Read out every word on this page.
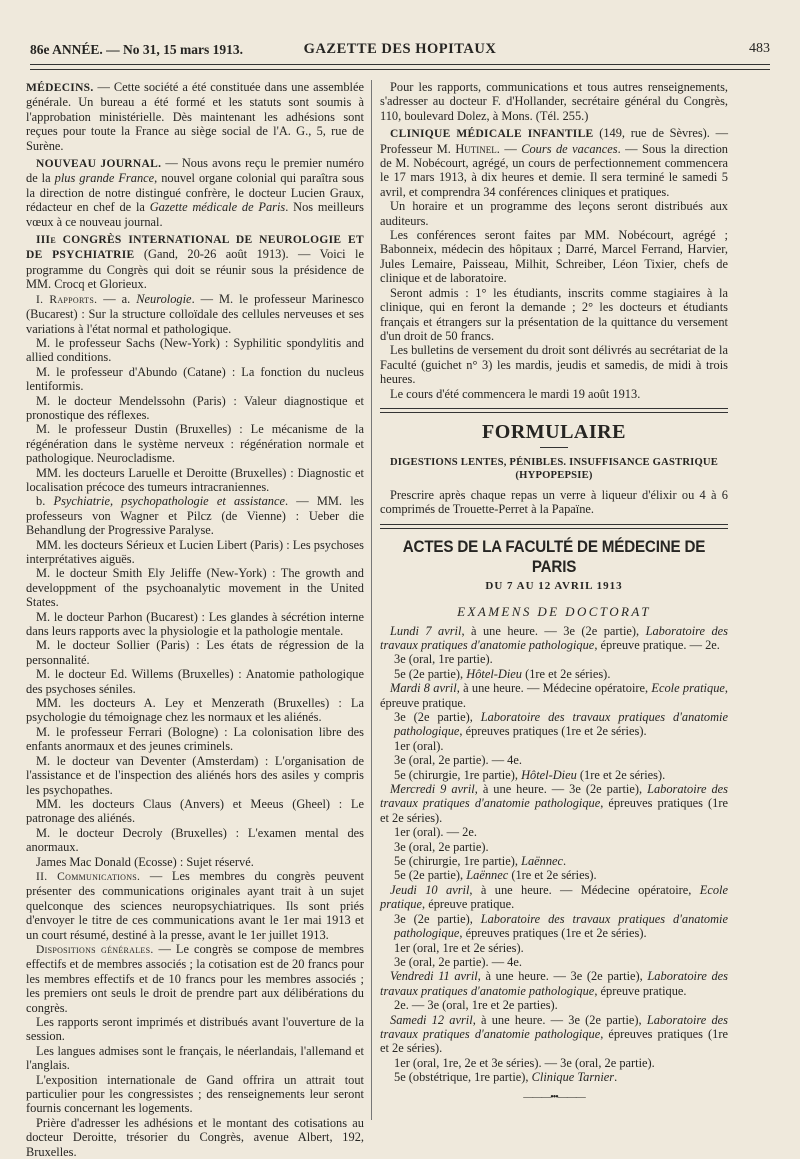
86e ANNÉE. — No 31, 15 mars 1913.	GAZETTE DES HOPITAUX	483

MÉDECINS. — Cette société a été constituée dans une assemblée générale. Un bureau a été formé et les statuts sont soumis à l'approbation ministérielle. Dès maintenant les adhésions sont reçues pour toute la France au siège social de l'A. G., 5, rue de Surène.

NOUVEAU JOURNAL. — Nous avons reçu le premier numéro de la plus grande France, nouvel organe colonial qui paraîtra sous la direction de notre distingué confrère, le docteur Lucien Graux, rédacteur en chef de la Gazette médicale de Paris. Nos meilleurs vœux à ce nouveau journal.

IIIe CONGRÈS INTERNATIONAL DE NEUROLOGIE ET DE PSYCHIATRIE (Gand, 20-26 août 1913). — Voici le programme du Congrès qui doit se réunir sous la présidence de MM. Crocq et Glorieux.

I. Rapports. — a. Neurologie. — M. le professeur Marinesco (Bucarest) : Sur la structure colloïdale des cellules nerveuses et ses variations à l'état normal et pathologique.

M. le professeur Sachs (New-York) : Syphilitic spondylitis and allied conditions.

M. le professeur d'Abundo (Catane) : La fonction du nucleus lentiformis.

M. le docteur Mendelssohn (Paris) : Valeur diagnostique et pronostique des réflexes.

M. le professeur Dustin (Bruxelles) : Le mécanisme de la régénération dans le système nerveux : régénération normale et pathologique. Neurocladisme.

MM. les docteurs Laruelle et Deroitte (Bruxelles) : Diagnostic et localisation précoce des tumeurs intracraniennes.

b. Psychiatrie, psychopathologie et assistance. — MM. les professeurs von Wagner et Pilcz (de Vienne) : Ueber die Behandlung der Progressive Paralyse.

MM. les docteurs Sérieux et Lucien Libert (Paris) : Les psychoses interprétatives aiguës.

M. le docteur Smith Ely Jeliffe (New-York) : The growth and developpment of the psychoanalytic movement in the United States.

M. le docteur Parhon (Bucarest) : Les glandes à sécrétion interne dans leurs rapports avec la physiologie et la pathologie mentale.

M. le docteur Sollier (Paris) : Les états de régression de la personnalité.

M. le docteur Ed. Willems (Bruxelles) : Anatomie pathologique des psychoses séniles.

MM. les docteurs A. Ley et Menzerath (Bruxelles) : La psychologie du témoignage chez les normaux et les aliénés.

M. le professeur Ferrari (Bologne) : La colonisation libre des enfants anormaux et des jeunes criminels.

M. le docteur van Deventer (Amsterdam) : L'organisation de l'assistance et de l'inspection des aliénés hors des asiles y compris les psychopathes.

MM. les docteurs Claus (Anvers) et Meeus (Gheel) : Le patronage des aliénés.

M. le docteur Decroly (Bruxelles) : L'examen mental des anormaux.

James Mac Donald (Ecosse) : Sujet réservé.

II. Communications. — Les membres du congrès peuvent présenter des communications originales ayant trait à un sujet quelconque des sciences neuropsychiatriques. Ils sont priés d'envoyer le titre de ces communications avant le 1er mai 1913 et un court résumé, destiné à la presse, avant le 1er juillet 1913.

Dispositions générales. — Le congrès se compose de membres effectifs et de membres associés ; la cotisation est de 20 francs pour les membres effectifs et de 10 francs pour les membres associés ; les premiers ont seuls le droit de prendre part aux délibérations du congrès.

Les rapports seront imprimés et distribués avant l'ouverture de la session.

Les langues admises sont le français, le néerlandais, l'allemand et l'anglais.

L'exposition internationale de Gand offrira un attrait tout particulier pour les congressistes ; des renseignements leur seront fournis concernant les logements.

Prière d'adresser les adhésions et le montant des cotisations au docteur Deroitte, trésorier du Congrès, avenue Albert, 192, Bruxelles.

Pour les rapports, communications et tous autres renseignements, s'adresser au docteur F. d'Hollander, secrétaire général du Congrès, 110, boulevard Dolez, à Mons. (Tél. 255.)

CLINIQUE MÉDICALE INFANTILE (149, rue de Sèvres). — Professeur M. Hutinel. — Cours de vacances. — Sous la direction de M. Nobécourt, agrégé, un cours de perfectionnement commencera le 17 mars 1913, à dix heures et demie. Il sera terminé le samedi 5 avril, et comprendra 34 conférences cliniques et pratiques.

Un horaire et un programme des leçons seront distribués aux auditeurs.

Les conférences seront faites par MM. Nobécourt, agrégé ; Babonneix, médecin des hôpitaux ; Darré, Marcel Ferrand, Harvier, Jules Lemaire, Paisseau, Milhit, Schreiber, Léon Tixier, chefs de clinique et de laboratoire.

Seront admis : 1° les étudiants, inscrits comme stagiaires à la clinique, qui en feront la demande ; 2° les docteurs et étudiants français et étrangers sur la présentation de la quittance du versement d'un droit de 50 francs.

Les bulletins de versement du droit sont délivrés au secrétariat de la Faculté (guichet n° 3) les mardis, jeudis et samedis, de midi à trois heures.

Le cours d'été commencera le mardi 19 août 1913.

FORMULAIRE
DIGESTIONS LENTES, PÉNIBLES. INSUFFISANCE GASTRIQUE (HYPOPEPSIE)

Prescrire après chaque repas un verre à liqueur d'élixir ou 4 à 6 comprimés de Trouette-Perret à la Papaïne.

ACTES DE LA FACULTÉ DE MÉDECINE DE PARIS
DU 7 AU 12 AVRIL 1913
EXAMENS DE DOCTORAT

Lundi 7 avril, à une heure. — 3e (2e partie), Laboratoire des travaux pratiques d'anatomie pathologique, épreuve pratique. — 2e.

3e (oral, 1re partie).

5e (2e partie), Hôtel-Dieu (1re et 2e séries).

Mardi 8 avril, à une heure. — Médecine opératoire, Ecole pratique, épreuve pratique.

3e (2e partie), Laboratoire des travaux pratiques d'anatomie pathologique, épreuves pratiques (1re et 2e séries).

1er (oral).

3e (oral, 2e partie). — 4e.

5e (chirurgie, 1re partie), Hôtel-Dieu (1re et 2e séries).

Mercredi 9 avril, à une heure. — 3e (2e partie), Laboratoire des travaux pratiques d'anatomie pathologique, épreuves pratiques (1re et 2e séries).

1er (oral). — 2e.

3e (oral, 2e partie).

5e (chirurgie, 1re partie), Laënnec.

5e (2e partie), Laënnec (1re et 2e séries).

Jeudi 10 avril, à une heure. — Médecine opératoire, Ecole pratique, épreuve pratique.

3e (2e partie), Laboratoire des travaux pratiques d'anatomie pathologique, épreuves pratiques (1re et 2e séries).

1er (oral, 1re et 2e séries).

3e (oral, 2e partie). — 4e.

Vendredi 11 avril, à une heure. — 3e (2e partie), Laboratoire des travaux pratiques d'anatomie pathologique, épreuve pratique.

2e. — 3e (oral, 1re et 2e parties).

Samedi 12 avril, à une heure. — 3e (2e partie), Laboratoire des travaux pratiques d'anatomie pathologique, épreuves pratiques (1re et 2e séries).

1er (oral, 1re, 2e et 3e séries). — 3e (oral, 2e partie).

5e (obstétrique, 1re partie), Clinique Tarnier.

———•••———
